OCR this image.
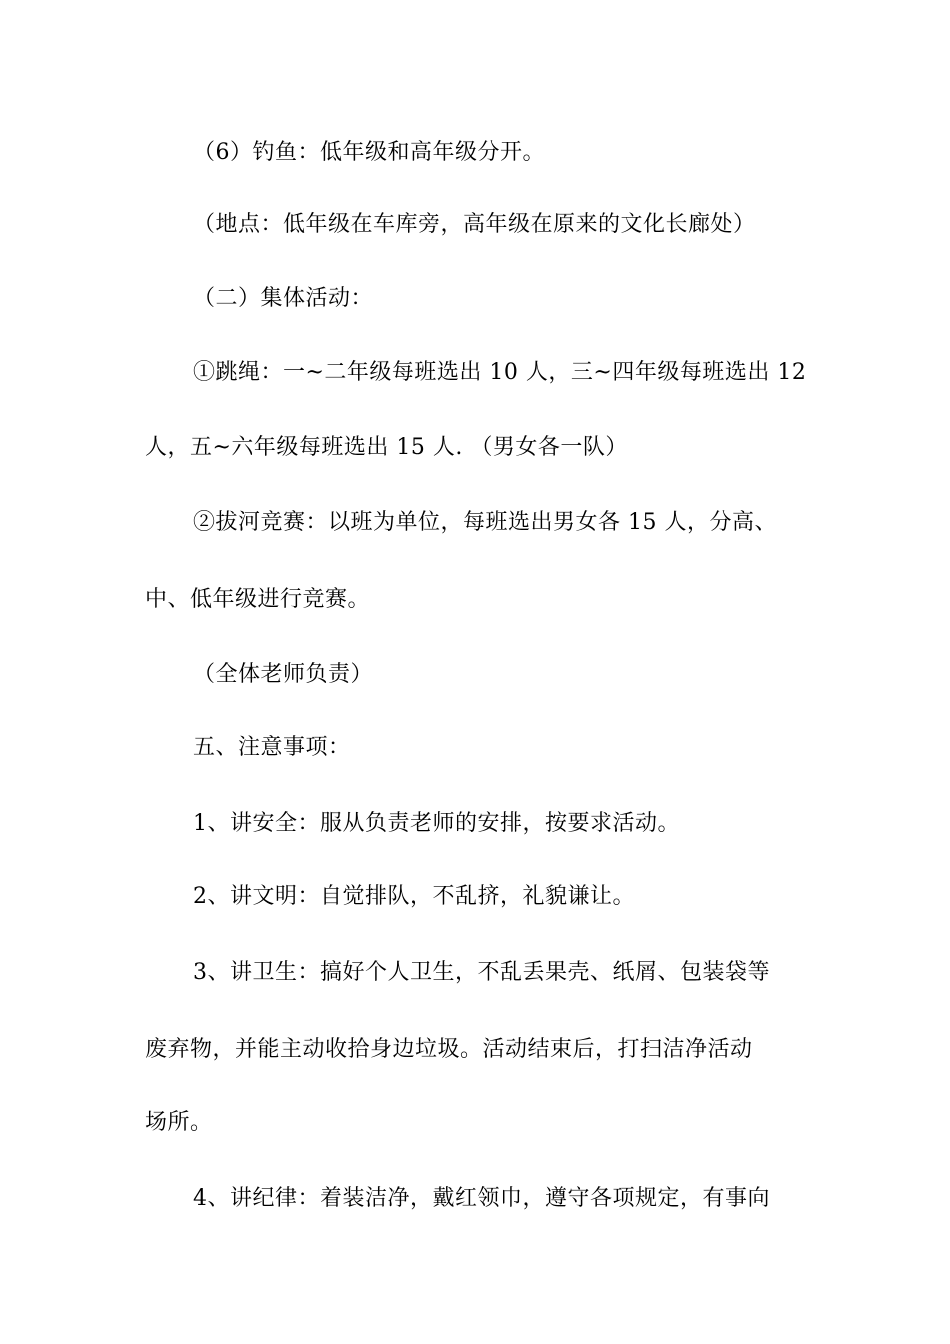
（6）钓鱼：低年级和高年级分开。
（地点：低年级在车库旁，高年级在原来的文化长廊处）
（二）集体活动：
①跳绳：一~二年级每班选出 10 人，三~四年级每班选出 12
人，五~六年级每班选出 15 人. （男女各一队）
②拔河竞赛：以班为单位，每班选出男女各 15 人，分高、
中、低年级进行竞赛。
（全体老师负责）
五、注意事项：
1、讲安全：服从负责老师的安排，按要求活动。
2、讲文明：自觉排队，不乱挤，礼貌谦让。
3、讲卫生：搞好个人卫生，不乱丢果壳、纸屑、包装袋等
废弃物，并能主动收拾身边垃圾。活动结束后，打扫洁净活动
场所。
4、讲纪律：着装洁净，戴红领巾，遵守各项规定，有事向
